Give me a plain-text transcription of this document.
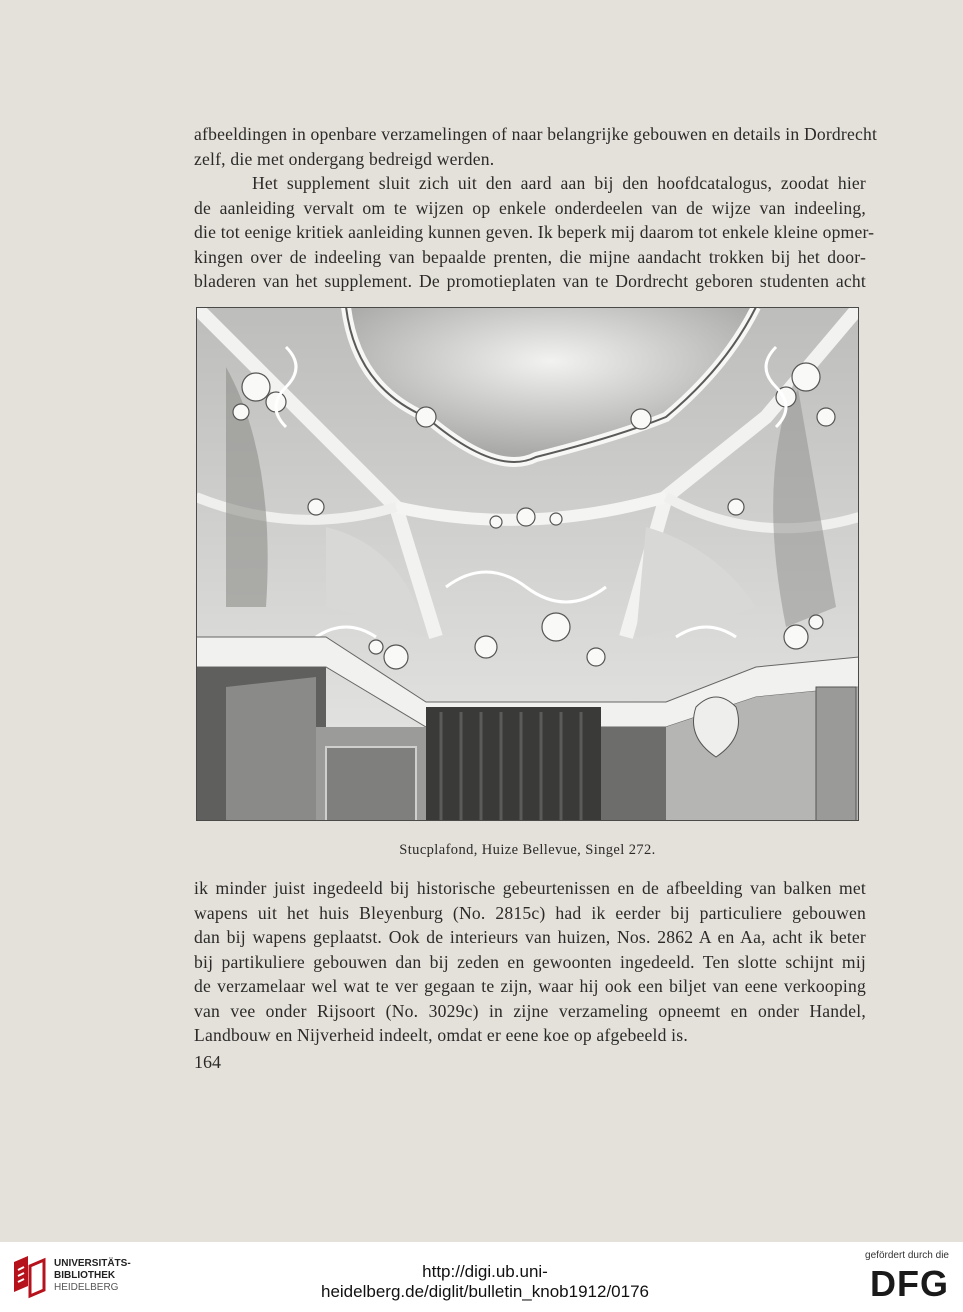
afbeeldingen in openbare verzamelingen of naar belangrijke gebouwen en details in Dordrecht
zelf, die met ondergang bedreigd werden.
Het supplement sluit zich uit den aard aan bij den hoofdcatalogus, zoodat hier
de aanleiding vervalt om te wijzen op enkele onderdeelen van de wijze van indeeling,
die tot eenige kritiek aanleiding kunnen geven. Ik beperk mij daarom tot enkele kleine opmer-
kingen over de indeeling van bepaalde prenten, die mijne aandacht trokken bij het door-
bladeren van het supplement. De promotieplaten van te Dordrecht geboren studenten acht
Stucplafond, Huize Bellevue, Singel 272.
ik minder juist ingedeeld bij historische gebeurtenissen en de afbeelding van balken met
wapens uit het huis Bleyenburg (No. 2815c) had ik eerder bij particuliere gebouwen
dan bij wapens geplaatst. Ook de interieurs van huizen, Nos. 2862 A en Aa, acht ik beter
bij partikuliere gebouwen dan bij zeden en gewoonten ingedeeld. Ten slotte schijnt mij
de verzamelaar wel wat te ver gegaan te zijn, waar hij ook een biljet van eene verkooping
van vee onder Rijsoort (No. 3029c) in zijne verzameling opneemt en onder Handel,
Landbouw en Nijverheid indeelt, omdat er eene koe op afgebeeld is.
164
UNIVERSITÄTS-
BIBLIOTHEK
HEIDELBERG
http://digi.ub.uni-heidelberg.de/diglit/bulletin_knob1912/0176
gefördert durch die
DFG
